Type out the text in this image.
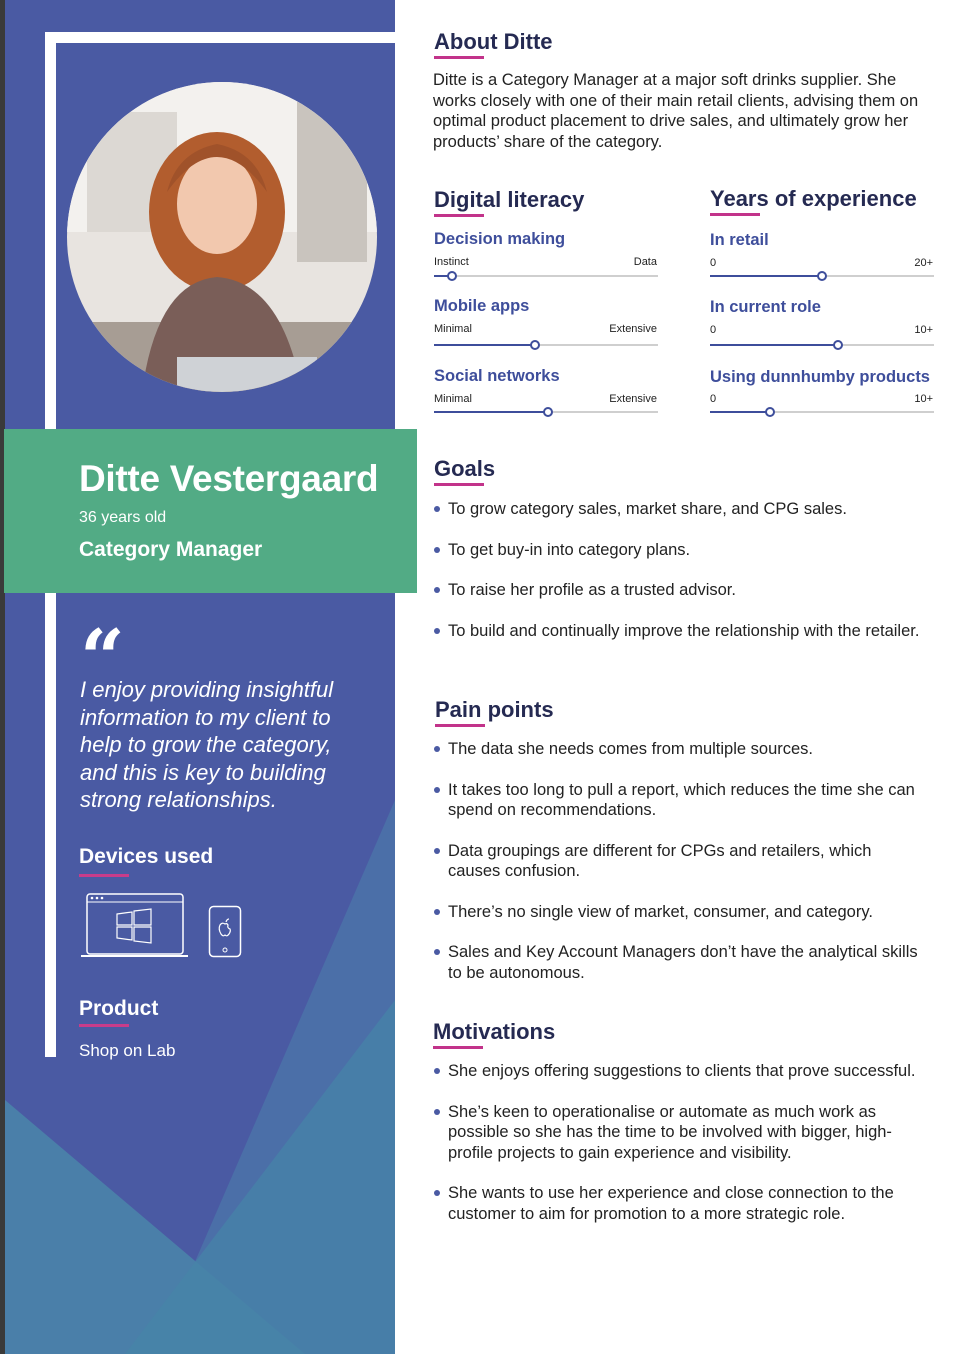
Ditte Vestergaard
36 years old
Category Manager
“
I enjoy providing insightful information to my client to help to grow the category, and this is key to building strong relationships.
Devices used
Product
Shop on Lab
About Ditte
Ditte is a Category Manager at a major soft drinks supplier. She works closely with one of their main retail clients, advising them on optimal product placement to drive sales, and ultimately grow her products’ share of the category.
Digital literacy
Decision making
Instinct	Data
Mobile apps
Minimal	Extensive
Social networks
Minimal	Extensive
Years of experience
In retail
0	20+
In current role
0	10+
Using dunnhumby products
0	10+
Goals
To grow category sales, market share, and CPG sales.
To get buy-in into category plans.
To raise her profile as a trusted advisor.
To build and continually improve the relationship with the retailer.
Pain points
The data she needs comes from multiple sources.
It takes too long to pull a report, which reduces the time she can spend on recommendations.
Data groupings are different for CPGs and retailers, which causes confusion.
There’s no single view of market, consumer, and category.
Sales and Key Account Managers don’t have the analytical skills to be autonomous.
Motivations
She enjoys offering suggestions to clients that prove successful.
She’s keen to operationalise or automate as much work as possible so she has the time to be involved with bigger, high-profile projects to gain experience and visibility.
She wants to use her experience and close connection to the customer to aim for promotion to a more strategic role.
